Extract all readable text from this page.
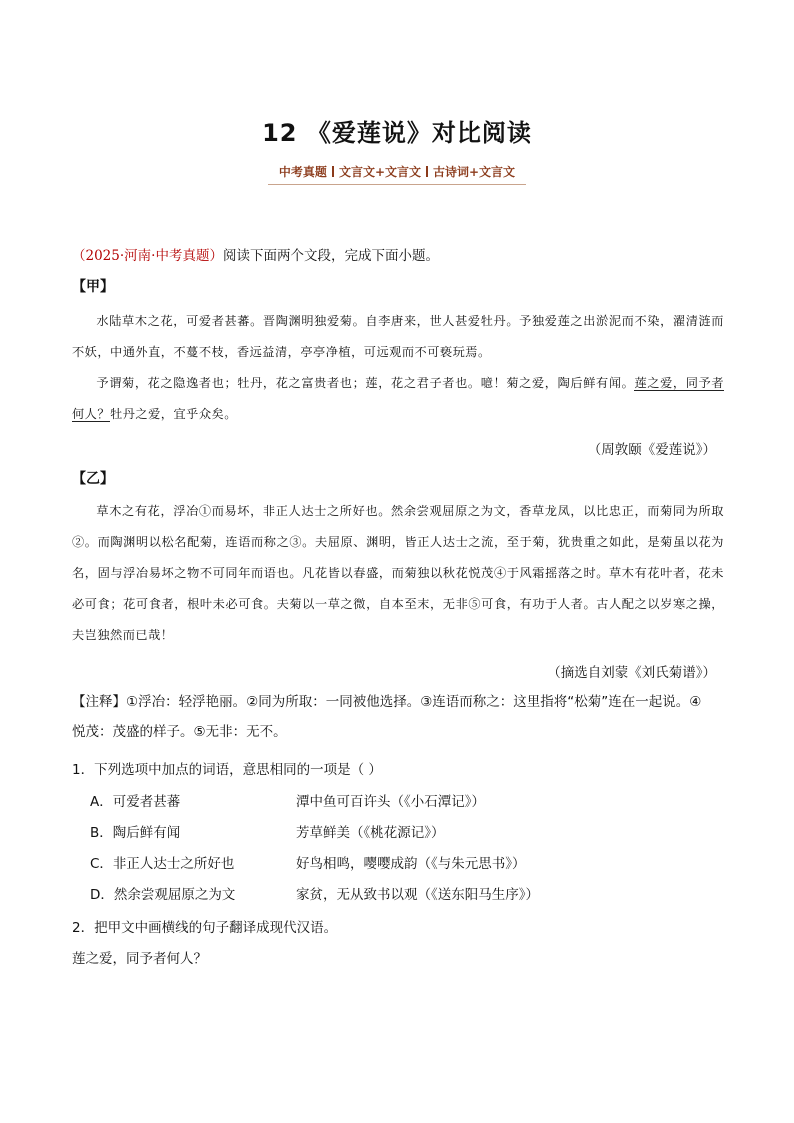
12 《爱莲说》对比阅读
中考真题 文言文+文言文 古诗词+文言文
（2025·河南·中考真题）阅读下面两个文段，完成下面小题。
【甲】

水陆草木之花，可爱者甚蕃。晋陶渊明独爱菊。自李唐来，世人甚爱牡丹。予独爱莲之出淤泥而不染，濯清涟而不妖，中通外直，不蔓不枝，香远益清，亭亭净植，可远观而不可亵玩焉。

予谓菊，花之隐逸者也；牡丹，花之富贵者也；莲，花之君子者也。噫！菊之爱，陶后鲜有闻。莲之爱，同予者何人？牡丹之爱，宜乎众矣。

（周敦颐《爱莲说》）
【乙】

草木之有花，浮冶①而易坏，非正人达士之所好也。然余尝观屈原之为文，香草龙凤，以比忠正，而菊同为所取②。而陶渊明以松名配菊，连语而称之③。夫屈原、渊明，皆正人达士之流，至于菊，犹贵重之如此，是菊虽以花为名，固与浮冶易坏之物不可同年而语也。凡花皆以春盛，而菊独以秋花悦茂④于风霜摇落之时。草木有花叶者，花未必可食；花可食者，根叶未必可食。夫菊以一草之微，自本至末，无非⑤可食，有功于人者。古人配之以岁寒之操，夫岂独然而已哉！

（摘选自刘蒙《刘氏菊谱》）
【注释】①浮冶：轻浮艳丽。②同为所取：一同被他选择。③连语而称之：这里指将“松菊”连在一起说。④
悦茂：茂盛的样子。⑤无非：无不。
1．下列选项中加点的词语，意思相同的一项是（ ）
A．可爱者甚蕃	潭中鱼可百许头（《小石潭记》）
B．陶后鲜有闻	芳草鲜美（《桃花源记》）
C．非正人达士之所好也	好鸟相鸣，嘤嘤成韵（《与朱元思书》）
D．然余尝观屈原之为文	家贫，无从致书以观（《送东阳马生序》）
2．把甲文中画横线的句子翻译成现代汉语。
莲之爱，同予者何人？
